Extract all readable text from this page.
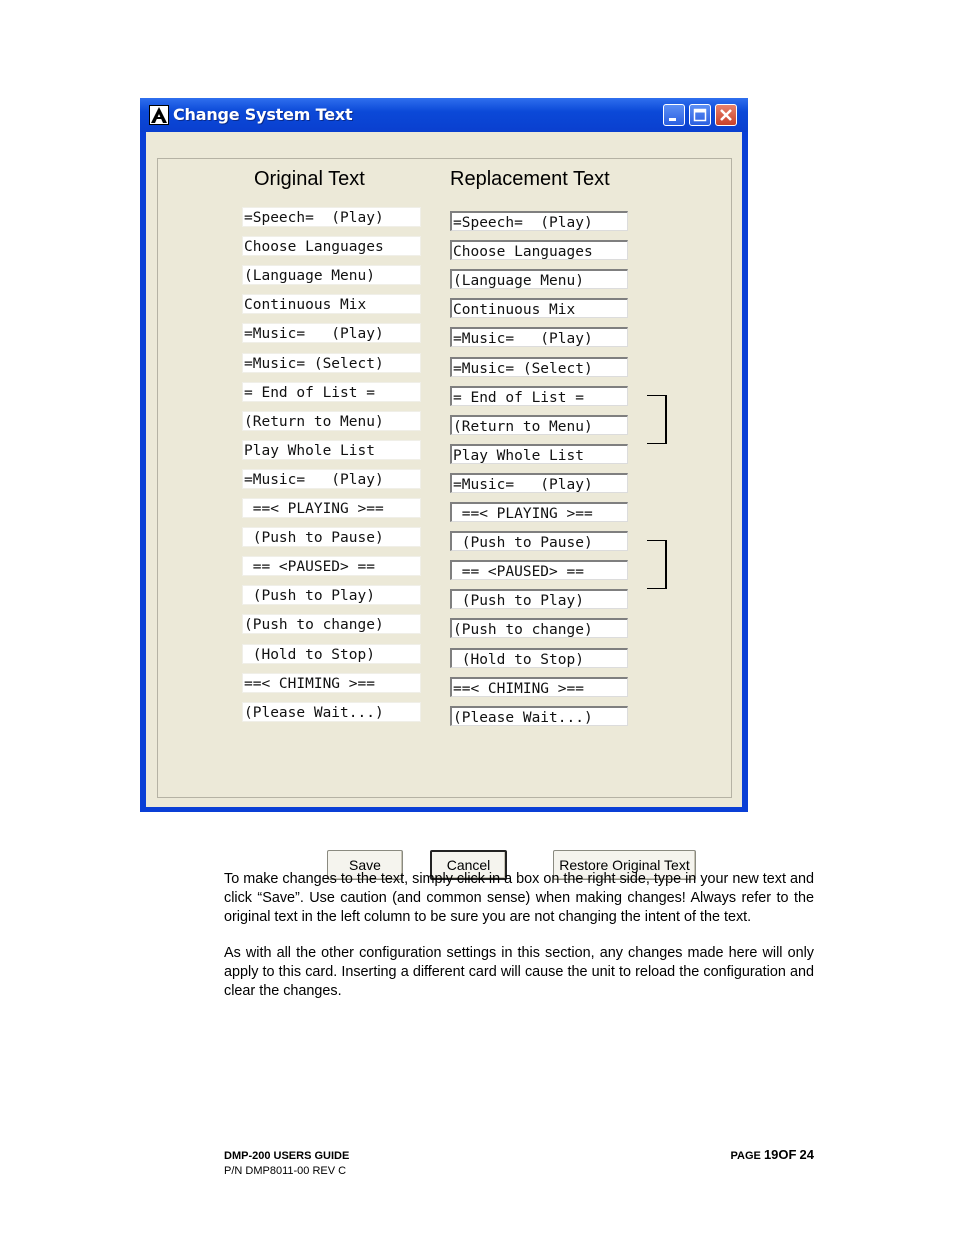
Change System Text
Original Text	Replacement Text
=Speech=  (Play)	=Speech=  (Play)
Choose Languages	Choose Languages
(Language Menu)	(Language Menu)
Continuous Mix	Continuous Mix
=Music=   (Play)	=Music=   (Play)
=Music= (Select)	=Music= (Select)
= End of List =	= End of List =
(Return to Menu)	(Return to Menu)
Play Whole List	Play Whole List
=Music=   (Play)	=Music=   (Play)
==< PLAYING >==	==< PLAYING >==
(Push to Pause)	(Push to Pause)
== <PAUSED> ==	== <PAUSED> ==
(Push to Play)	(Push to Play)
(Push to change)	(Push to change)
(Hold to Stop)	(Hold to Stop)
==< CHIMING >==	==< CHIMING >==
(Please Wait...)	(Please Wait...)
Save	Cancel	Restore Original Text
To make changes to the text, simply click in a box on the right side, type in your new text and click “Save”. Use caution (and common sense) when making changes! Always refer to the original text in the left column to be sure you are not changing the intent of the text.
As with all the other configuration settings in this section, any changes made here will only apply to this card. Inserting a different card will cause the unit to reload the configuration and clear the changes.
DMP-200 USERS GUIDE
P/N DMP8011-00 REV C
PAGE 19OF 24
